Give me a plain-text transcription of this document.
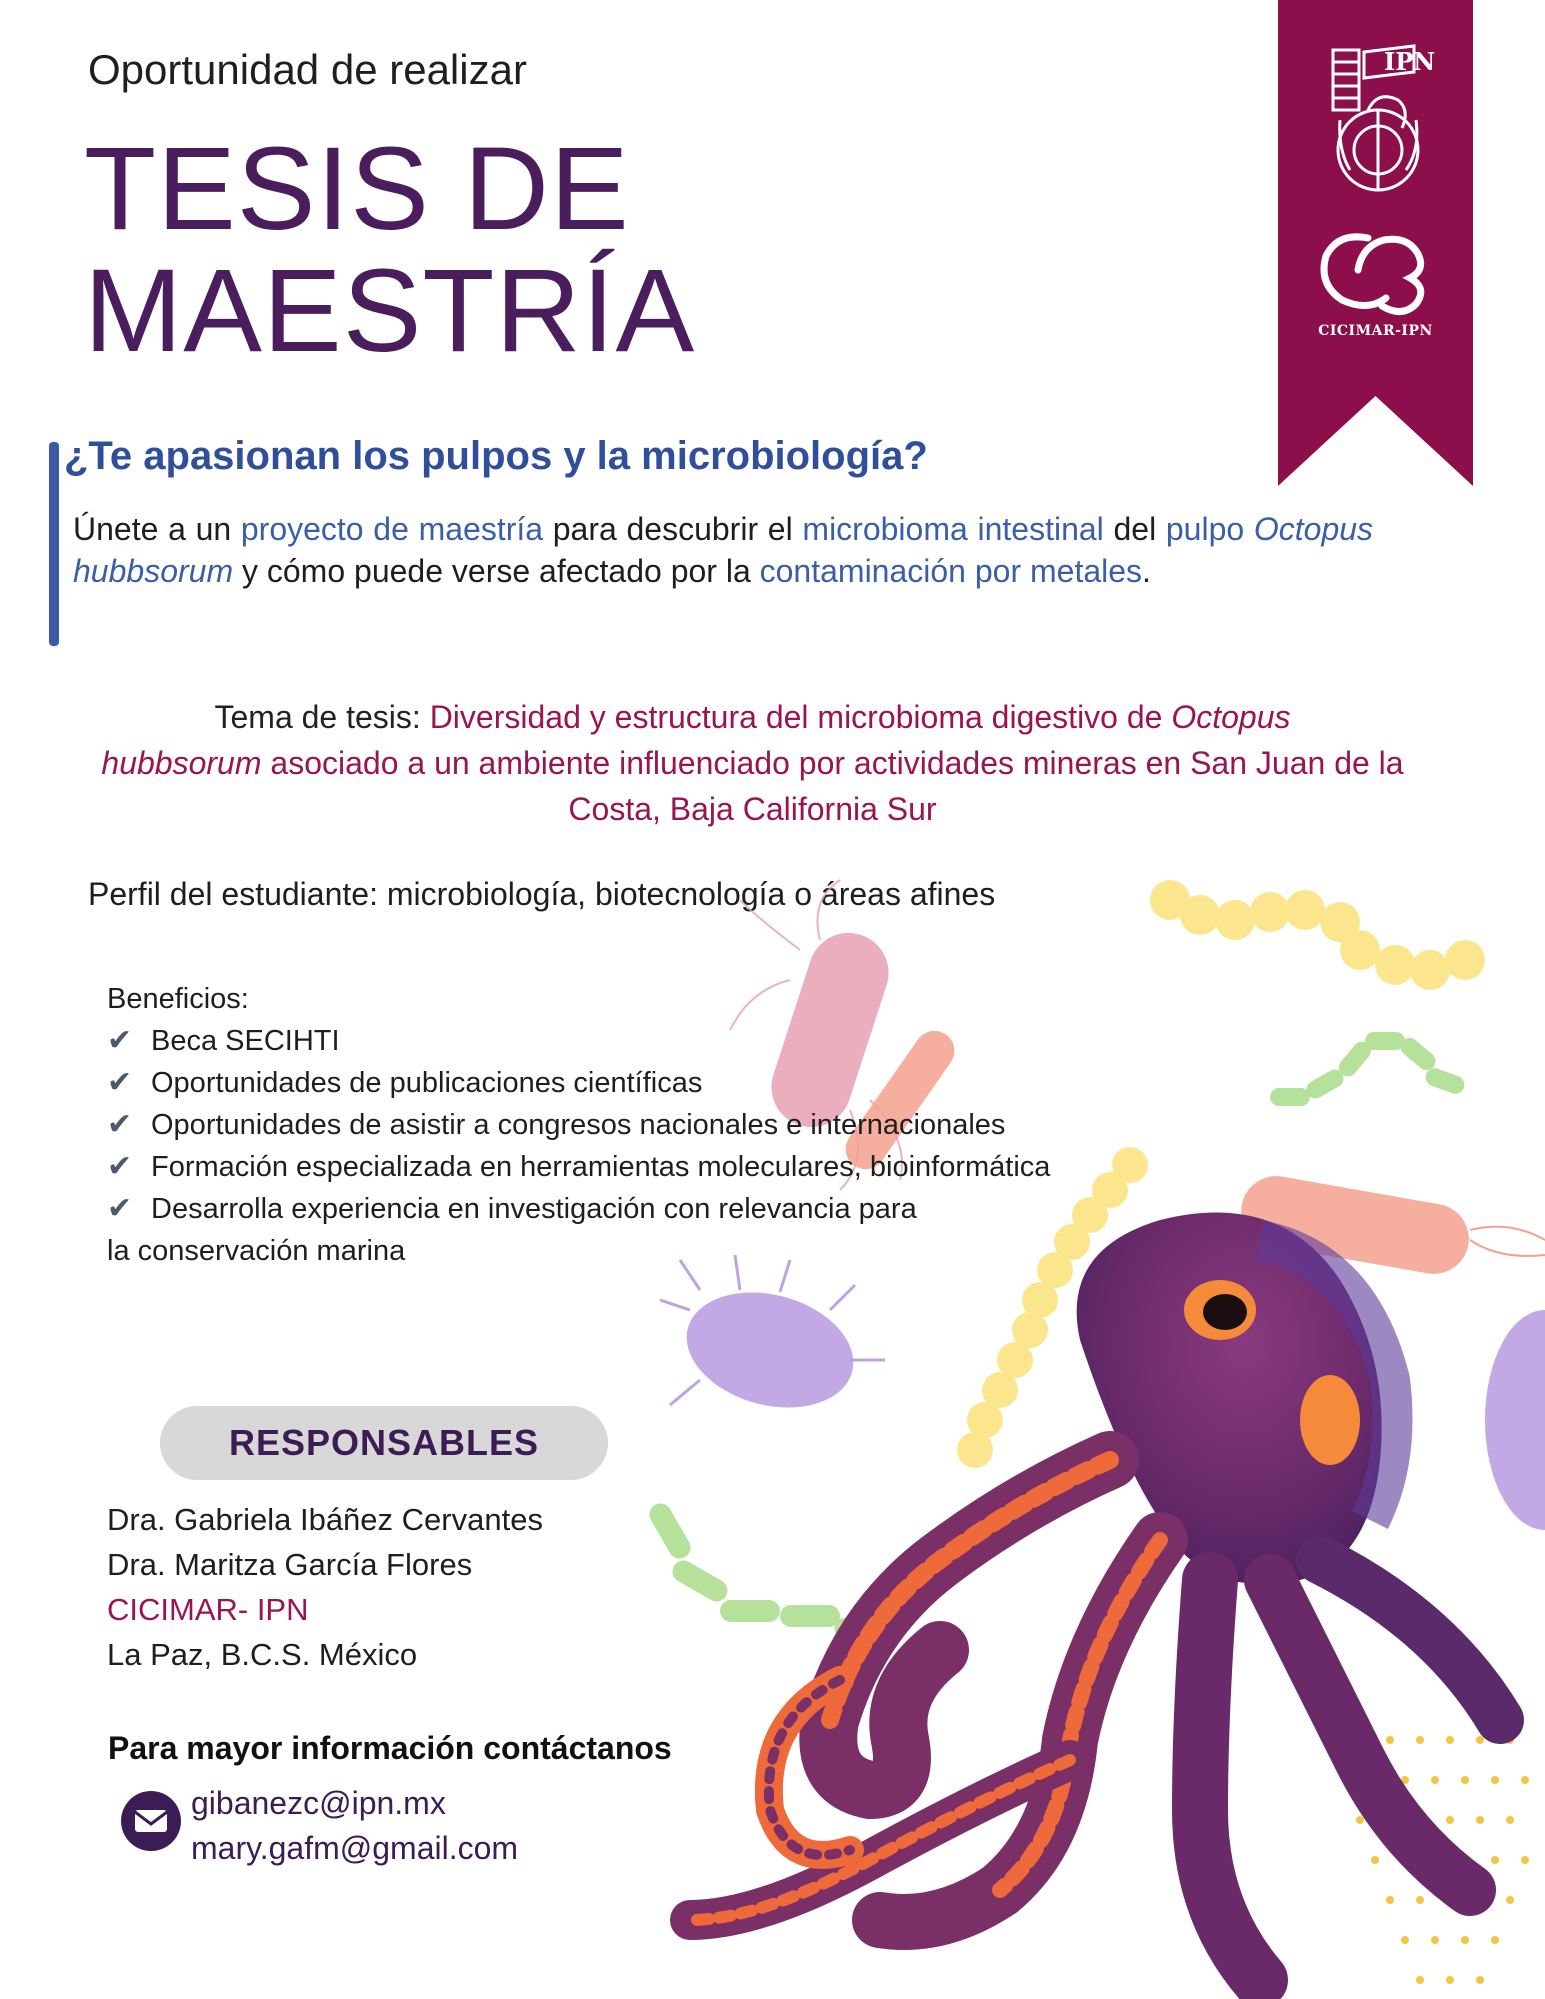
Oportunidad de realizar
TESIS DE
MAESTRÍA
IPN
CICIMAR-IPN
¿Te apasionan los pulpos y la microbiología?
Únete a un proyecto de maestría para descubrir el microbioma intestinal del pulpo Octopus hubbsorum y cómo puede verse afectado por la contaminación por metales.
Tema de tesis: Diversidad y estructura del microbioma digestivo de Octopus
hubbsorum asociado a un ambiente influenciado por actividades mineras en San Juan de la Costa, Baja California Sur
Perfil del estudiante: microbiología, biotecnología o áreas afines
Beneficios:
✔ Beca SECIHTI
✔ Oportunidades de publicaciones científicas
✔ Oportunidades de asistir a congresos nacionales e internacionales
✔ Formación especializada en herramientas moleculares, bioinformática
✔ Desarrolla experiencia en investigación con relevancia para
la conservación marina
RESPONSABLES
Dra. Gabriela Ibáñez Cervantes
Dra. Maritza García Flores
CICIMAR- IPN
La Paz, B.C.S. México
Para mayor información contáctanos
gibanezc@ipn.mx
mary.gafm@gmail.com
